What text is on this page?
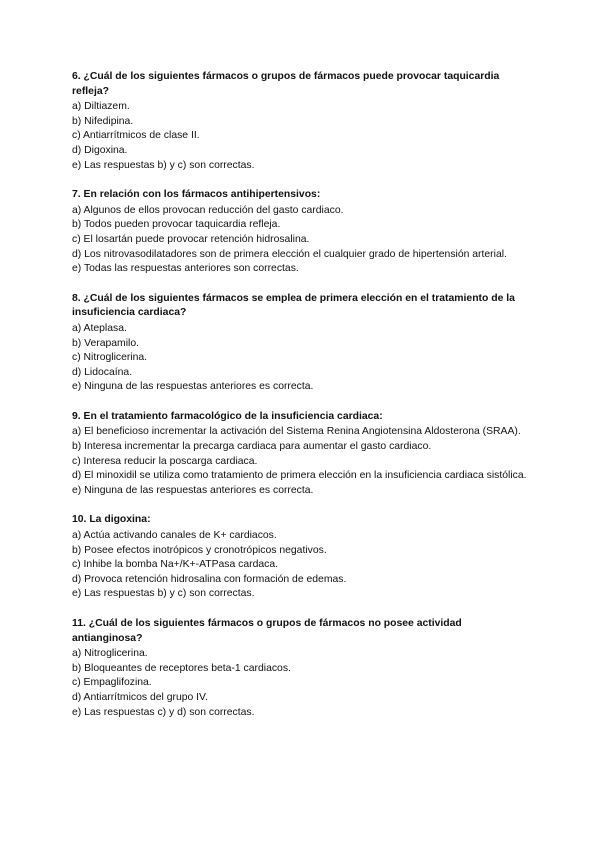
6. ¿Cuál de los siguientes fármacos o grupos de fármacos puede provocar taquicardia refleja?
a) Diltiazem.
b) Nifedipina.
c) Antiarrítmicos de clase II.
d) Digoxina.
e) Las respuestas b) y c) son correctas.
7. En relación con los fármacos antihipertensivos:
a) Algunos de ellos provocan reducción del gasto cardiaco.
b) Todos pueden provocar taquicardia refleja.
c) El losartán puede provocar retención hidrosalina.
d) Los nitrovasodilatadores son de primera elección el cualquier grado de hipertensión arterial.
e) Todas las respuestas anteriores son correctas.
8. ¿Cuál de los siguientes fármacos se emplea de primera elección en el tratamiento de la insuficiencia cardiaca?
a) Ateplasa.
b) Verapamilo.
c) Nitroglicerina.
d) Lidocaína.
e) Ninguna de las respuestas anteriores es correcta.
9. En el tratamiento farmacológico de la insuficiencia cardiaca:
a) El beneficioso incrementar la activación del Sistema Renina Angiotensina Aldosterona (SRAA).
b) Interesa incrementar la precarga cardiaca para aumentar el gasto cardiaco.
c) Interesa reducir la poscarga cardiaca.
d) El minoxidil se utiliza como tratamiento de primera elección en la insuficiencia cardiaca sistólica.
e) Ninguna de las respuestas anteriores es correcta.
10. La digoxina:
a) Actúa activando canales de K+ cardiacos.
b) Posee efectos inotrópicos y cronotrópicos negativos.
c) Inhibe la bomba Na+/K+-ATPasa cardaca.
d) Provoca retención hidrosalina con formación de edemas.
e) Las respuestas b) y c) son correctas.
11. ¿Cuál de los siguientes fármacos o grupos de fármacos no posee actividad antianginosa?
a) Nitroglicerina.
b) Bloqueantes de receptores beta-1 cardiacos.
c) Empaglifozina.
d) Antiarrítmicos del grupo IV.
e) Las respuestas c) y d) son correctas.
